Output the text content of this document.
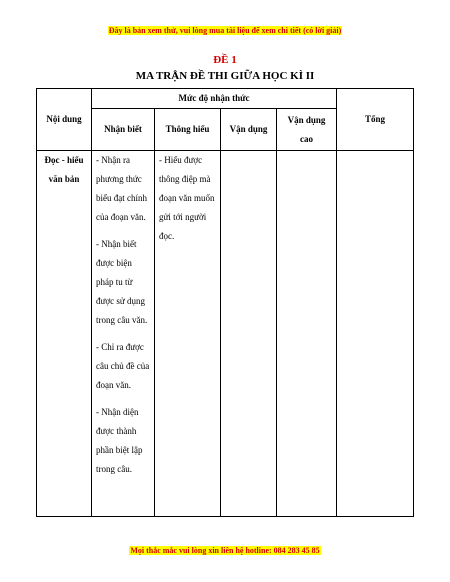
Đây là bản xem thử, vui lòng mua tài liệu để xem chi tiết (có lời giải)
ĐỀ 1
MA TRẬN ĐỀ THI GIỮA HỌC KÌ II
Nội dung	Mức độ nhận thức				Tổng
	Nhận biết	Thông hiểu	Vận dụng	Vận dụng cao	
Đọc - hiểu văn bản	- Nhận ra phương thức biểu đạt chính của đoạn văn.

- Nhận biết được biện pháp tu từ được sử dụng trong câu văn.

- Chỉ ra được câu chủ đề của đoạn văn.

- Nhận diện được thành phần biệt lập trong câu.	- Hiểu được thông điệp mà đoạn văn muốn gửi tới người đọc.			

Mọi thắc mắc vui lòng xin liên hệ hotline: 084 283 45 85
